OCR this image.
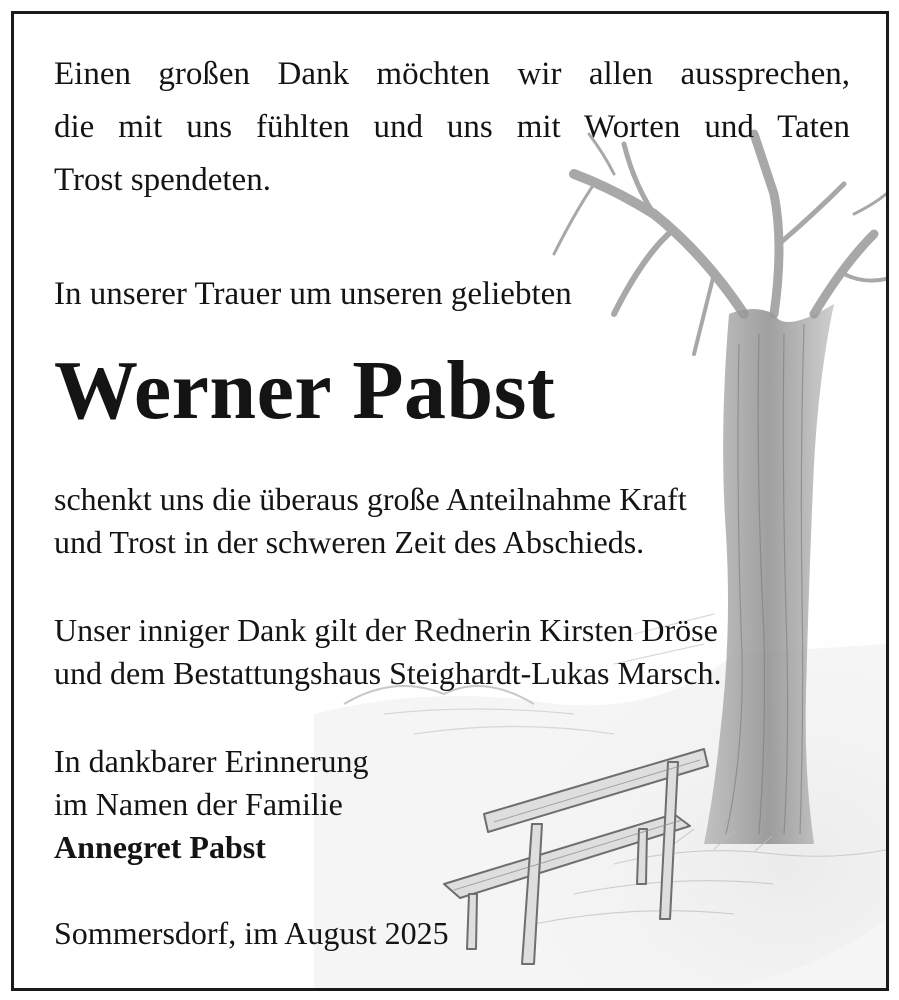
Einen großen Dank möchten wir allen aussprechen,
die mit uns fühlten und uns mit Worten und Taten
Trost spendeten.

In unserer Trauer um unseren geliebten

Werner Pabst

schenkt uns die überaus große Anteilnahme Kraft

und Trost in der schweren Zeit des Abschieds.

Unser inniger Dank gilt der Rednerin Kirsten Dröse

und dem Bestattungshaus Steighardt-Lukas Marsch.

In dankbarer Erinnerung

im Namen der Familie

Annegret Pabst

Sommersdorf, im August 2025
